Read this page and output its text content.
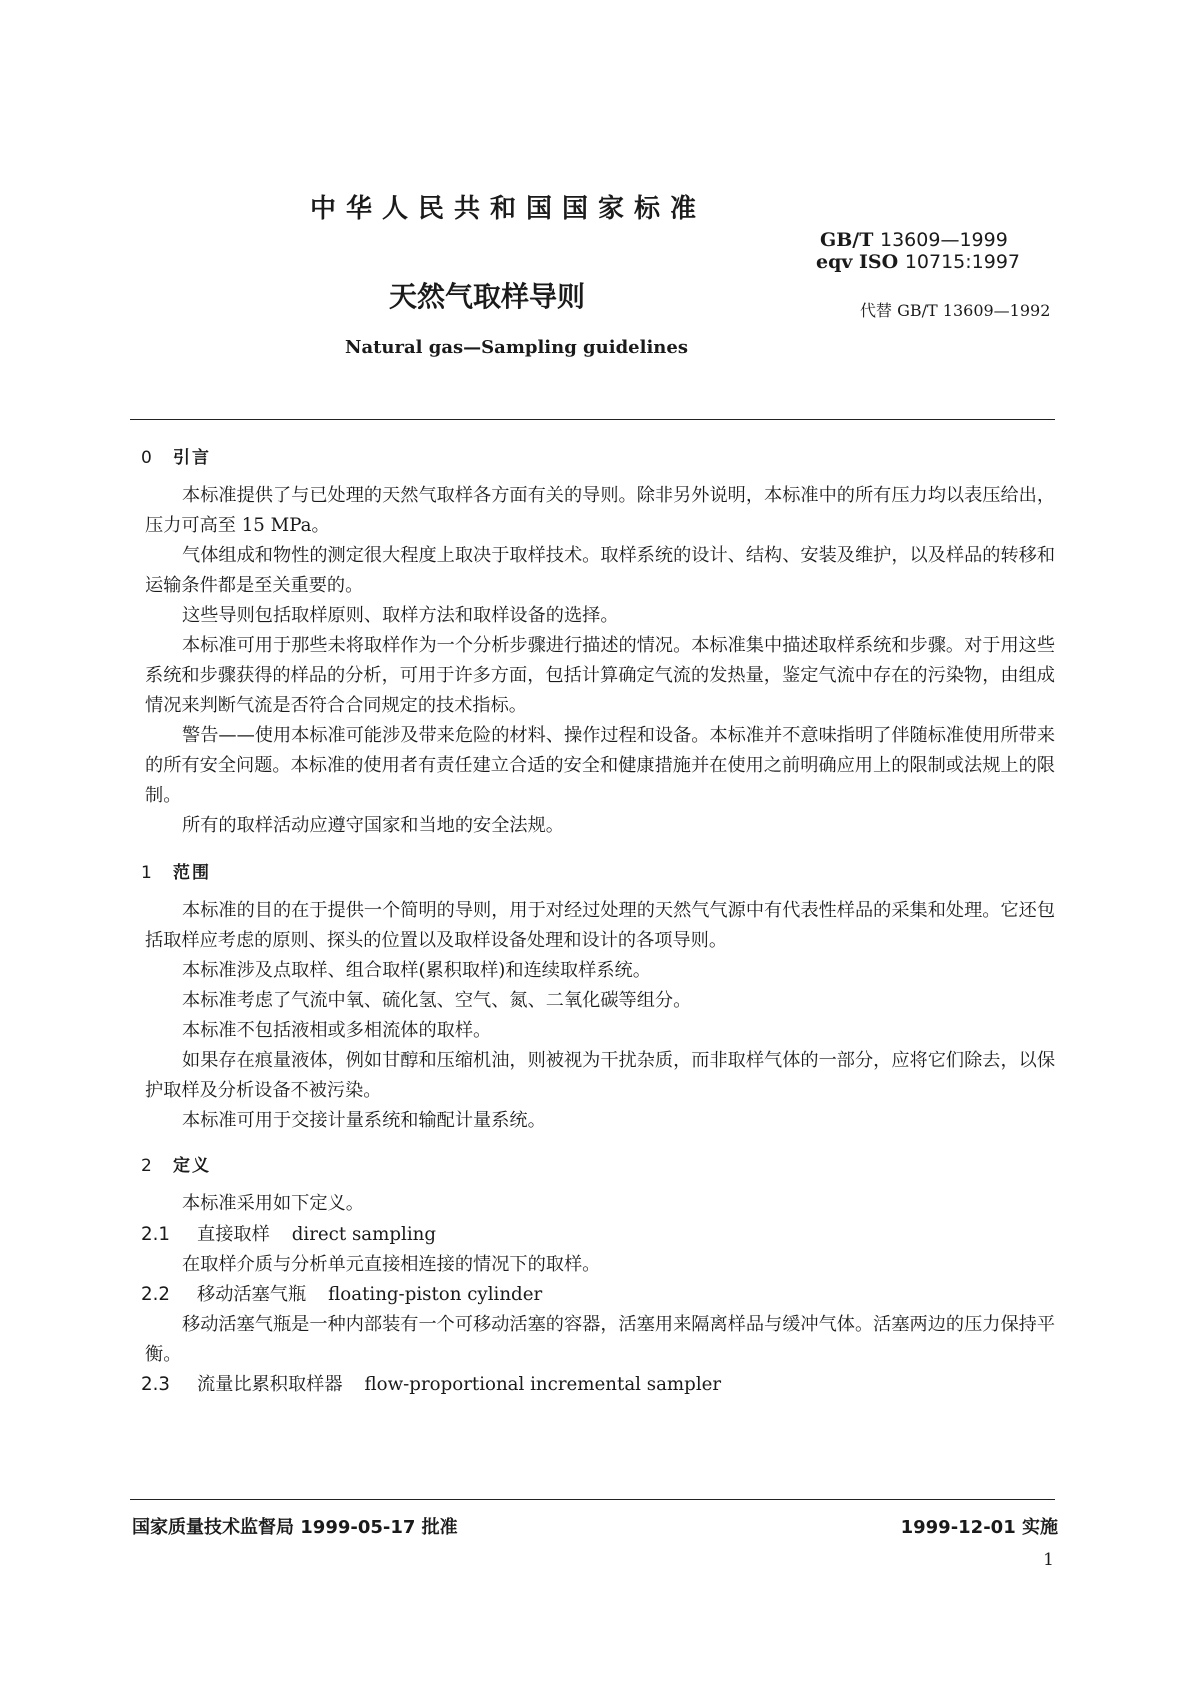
中华人民共和国国家标准
GB/T 13609—1999
eqv ISO 10715:1997
天然气取样导则	代替 GB/T 13609—1992
Natural gas—Sampling guidelines
0 引言
本标准提供了与已处理的天然气取样各方面有关的导则。除非另外说明，本标准中的所有压力均以表压给出，压力可高至 15 MPa。
气体组成和物性的测定很大程度上取决于取样技术。取样系统的设计、结构、安装及维护，以及样品的转移和运输条件都是至关重要的。
这些导则包括取样原则、取样方法和取样设备的选择。
本标准可用于那些未将取样作为一个分析步骤进行描述的情况。本标准集中描述取样系统和步骤。对于用这些系统和步骤获得的样品的分析，可用于许多方面，包括计算确定气流的发热量，鉴定气流中存在的污染物，由组成情况来判断气流是否符合合同规定的技术指标。
警告——使用本标准可能涉及带来危险的材料、操作过程和设备。本标准并不意味指明了伴随标准使用所带来的所有安全问题。本标准的使用者有责任建立合适的安全和健康措施并在使用之前明确应用上的限制或法规上的限制。
所有的取样活动应遵守国家和当地的安全法规。
1 范围
本标准的目的在于提供一个简明的导则，用于对经过处理的天然气气源中有代表性样品的采集和处理。它还包括取样应考虑的原则、探头的位置以及取样设备处理和设计的各项导则。
本标准涉及点取样、组合取样(累积取样)和连续取样系统。
本标准考虑了气流中氧、硫化氢、空气、氮、二氧化碳等组分。
本标准不包括液相或多相流体的取样。
如果存在痕量液体，例如甘醇和压缩机油，则被视为干扰杂质，而非取样气体的一部分，应将它们除去，以保护取样及分析设备不被污染。
本标准可用于交接计量系统和输配计量系统。
2 定义
本标准采用如下定义。
2.1 直接取样 direct sampling
在取样介质与分析单元直接相连接的情况下的取样。
2.2 移动活塞气瓶 floating-piston cylinder
移动活塞气瓶是一种内部装有一个可移动活塞的容器，活塞用来隔离样品与缓冲气体。活塞两边的压力保持平衡。
2.3 流量比累积取样器 flow-proportional incremental sampler
国家质量技术监督局 1999-05-17 批准	1999-12-01 实施
1
